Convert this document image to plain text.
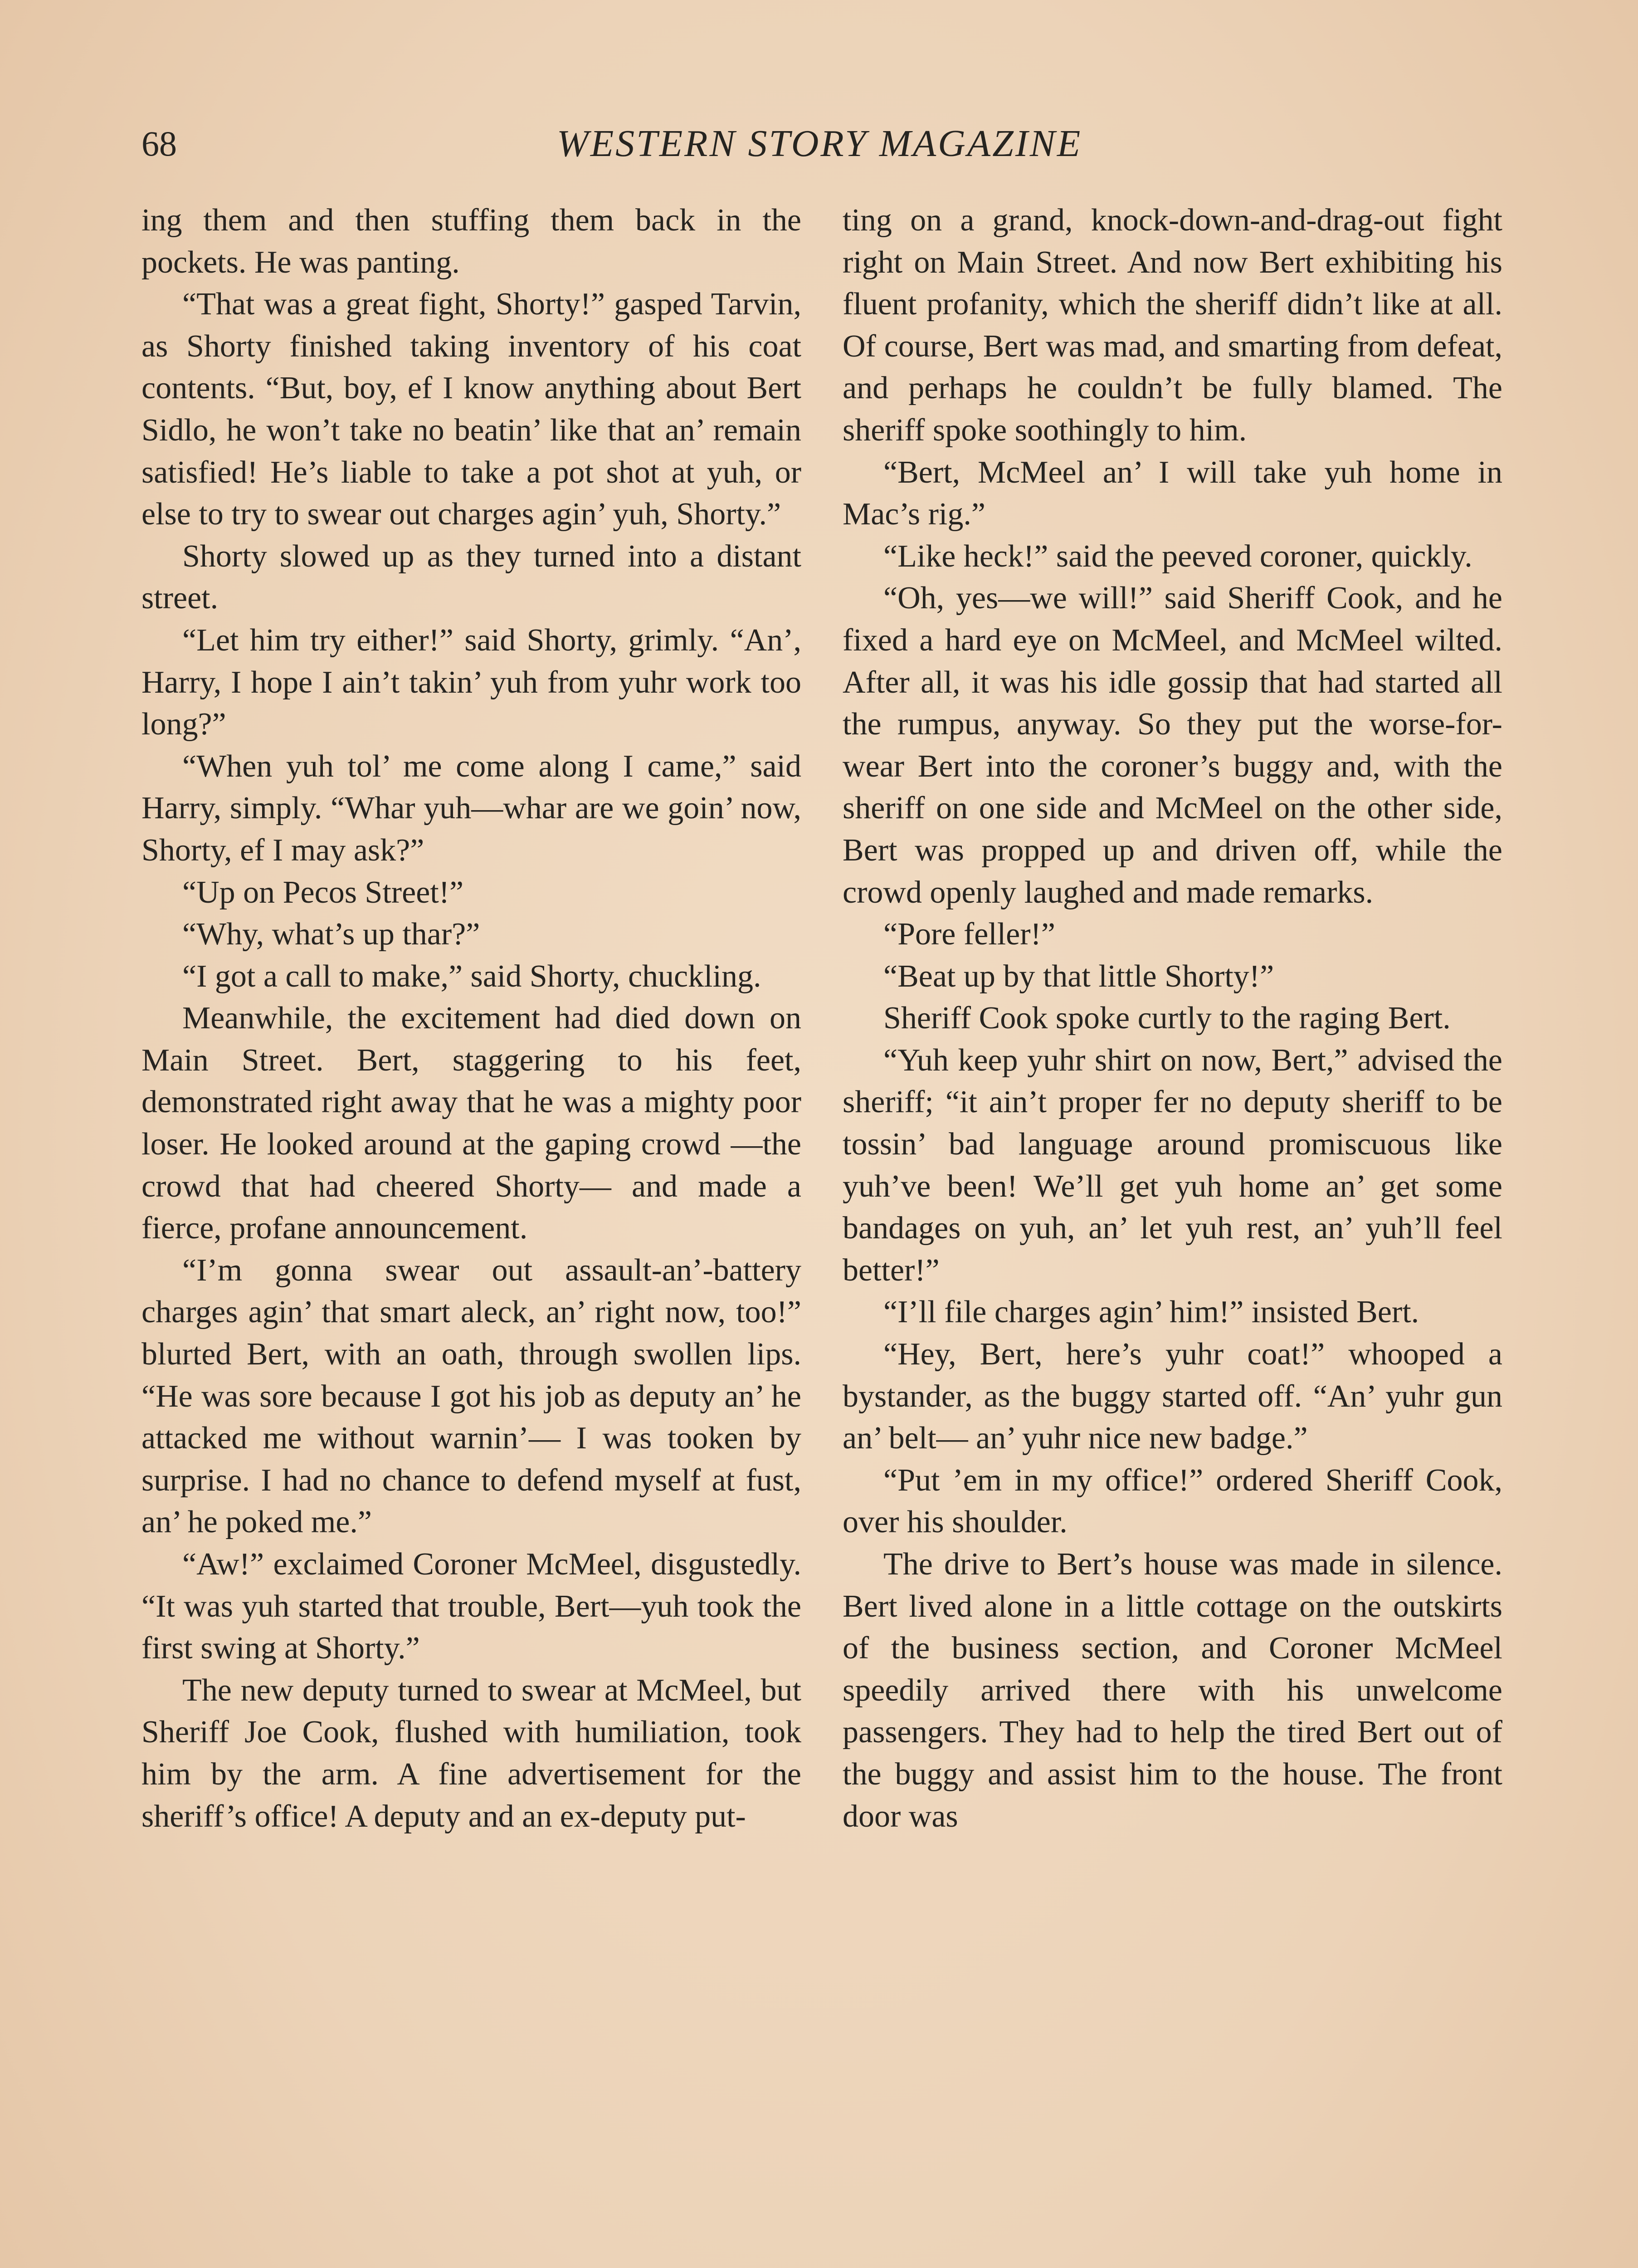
68	WESTERN STORY MAGAZINE

ing them and then stuffing them back in the pockets. He was panting.

“That was a great fight, Shorty!” gasped Tarvin, as Shorty finished taking inventory of his coat contents. “But, boy, ef I know anything about Bert Sidlo, he won’t take no beatin’ like that an’ remain satisfied! He’s liable to take a pot shot at yuh, or else to try to swear out charges agin’ yuh, Shorty.”

Shorty slowed up as they turned into a distant street.

“Let him try either!” said Shorty, grimly. “An’, Harry, I hope I ain’t takin’ yuh from yuhr work too long?”

“When yuh tol’ me come along I came,” said Harry, simply. “Whar yuh—whar are we goin’ now, Shorty, ef I may ask?”

“Up on Pecos Street!”

“Why, what’s up thar?”

“I got a call to make,” said Shorty, chuckling.

Meanwhile, the excitement had died down on Main Street. Bert, staggering to his feet, demonstrated right away that he was a mighty poor loser. He looked around at the gaping crowd —the crowd that had cheered Shorty— and made a fierce, profane announcement.

“I’m gonna swear out assault-an’-battery charges agin’ that smart aleck, an’ right now, too!” blurted Bert, with an oath, through swollen lips. “He was sore because I got his job as deputy an’ he attacked me without warnin’— I was tooken by surprise. I had no chance to defend myself at fust, an’ he poked me.”

“Aw!” exclaimed Coroner McMeel, disgustedly. “It was yuh started that trouble, Bert—yuh took the first swing at Shorty.”

The new deputy turned to swear at McMeel, but Sheriff Joe Cook, flushed with humiliation, took him by the arm. A fine advertisement for the sheriff’s office! A deputy and an ex-deputy put-

ting on a grand, knock-down-and-drag-out fight right on Main Street. And now Bert exhibiting his fluent profanity, which the sheriff didn’t like at all. Of course, Bert was mad, and smarting from defeat, and perhaps he couldn’t be fully blamed. The sheriff spoke soothingly to him.

“Bert, McMeel an’ I will take yuh home in Mac’s rig.”

“Like heck!” said the peeved coroner, quickly.

“Oh, yes—we will!” said Sheriff Cook, and he fixed a hard eye on McMeel, and McMeel wilted. After all, it was his idle gossip that had started all the rumpus, anyway. So they put the worse-for-wear Bert into the coroner’s buggy and, with the sheriff on one side and McMeel on the other side, Bert was propped up and driven off, while the crowd openly laughed and made remarks.

“Pore feller!”

“Beat up by that little Shorty!”

Sheriff Cook spoke curtly to the raging Bert.

“Yuh keep yuhr shirt on now, Bert,” advised the sheriff; “it ain’t proper fer no deputy sheriff to be tossin’ bad language around promiscuous like yuh’ve been! We’ll get yuh home an’ get some bandages on yuh, an’ let yuh rest, an’ yuh’ll feel better!”

“I’ll file charges agin’ him!” insisted Bert.

“Hey, Bert, here’s yuhr coat!” whooped a bystander, as the buggy started off. “An’ yuhr gun an’ belt— an’ yuhr nice new badge.”

“Put ’em in my office!” ordered Sheriff Cook, over his shoulder.

The drive to Bert’s house was made in silence. Bert lived alone in a little cottage on the outskirts of the business section, and Coroner McMeel speedily arrived there with his unwelcome passengers. They had to help the tired Bert out of the buggy and assist him to the house. The front door was
